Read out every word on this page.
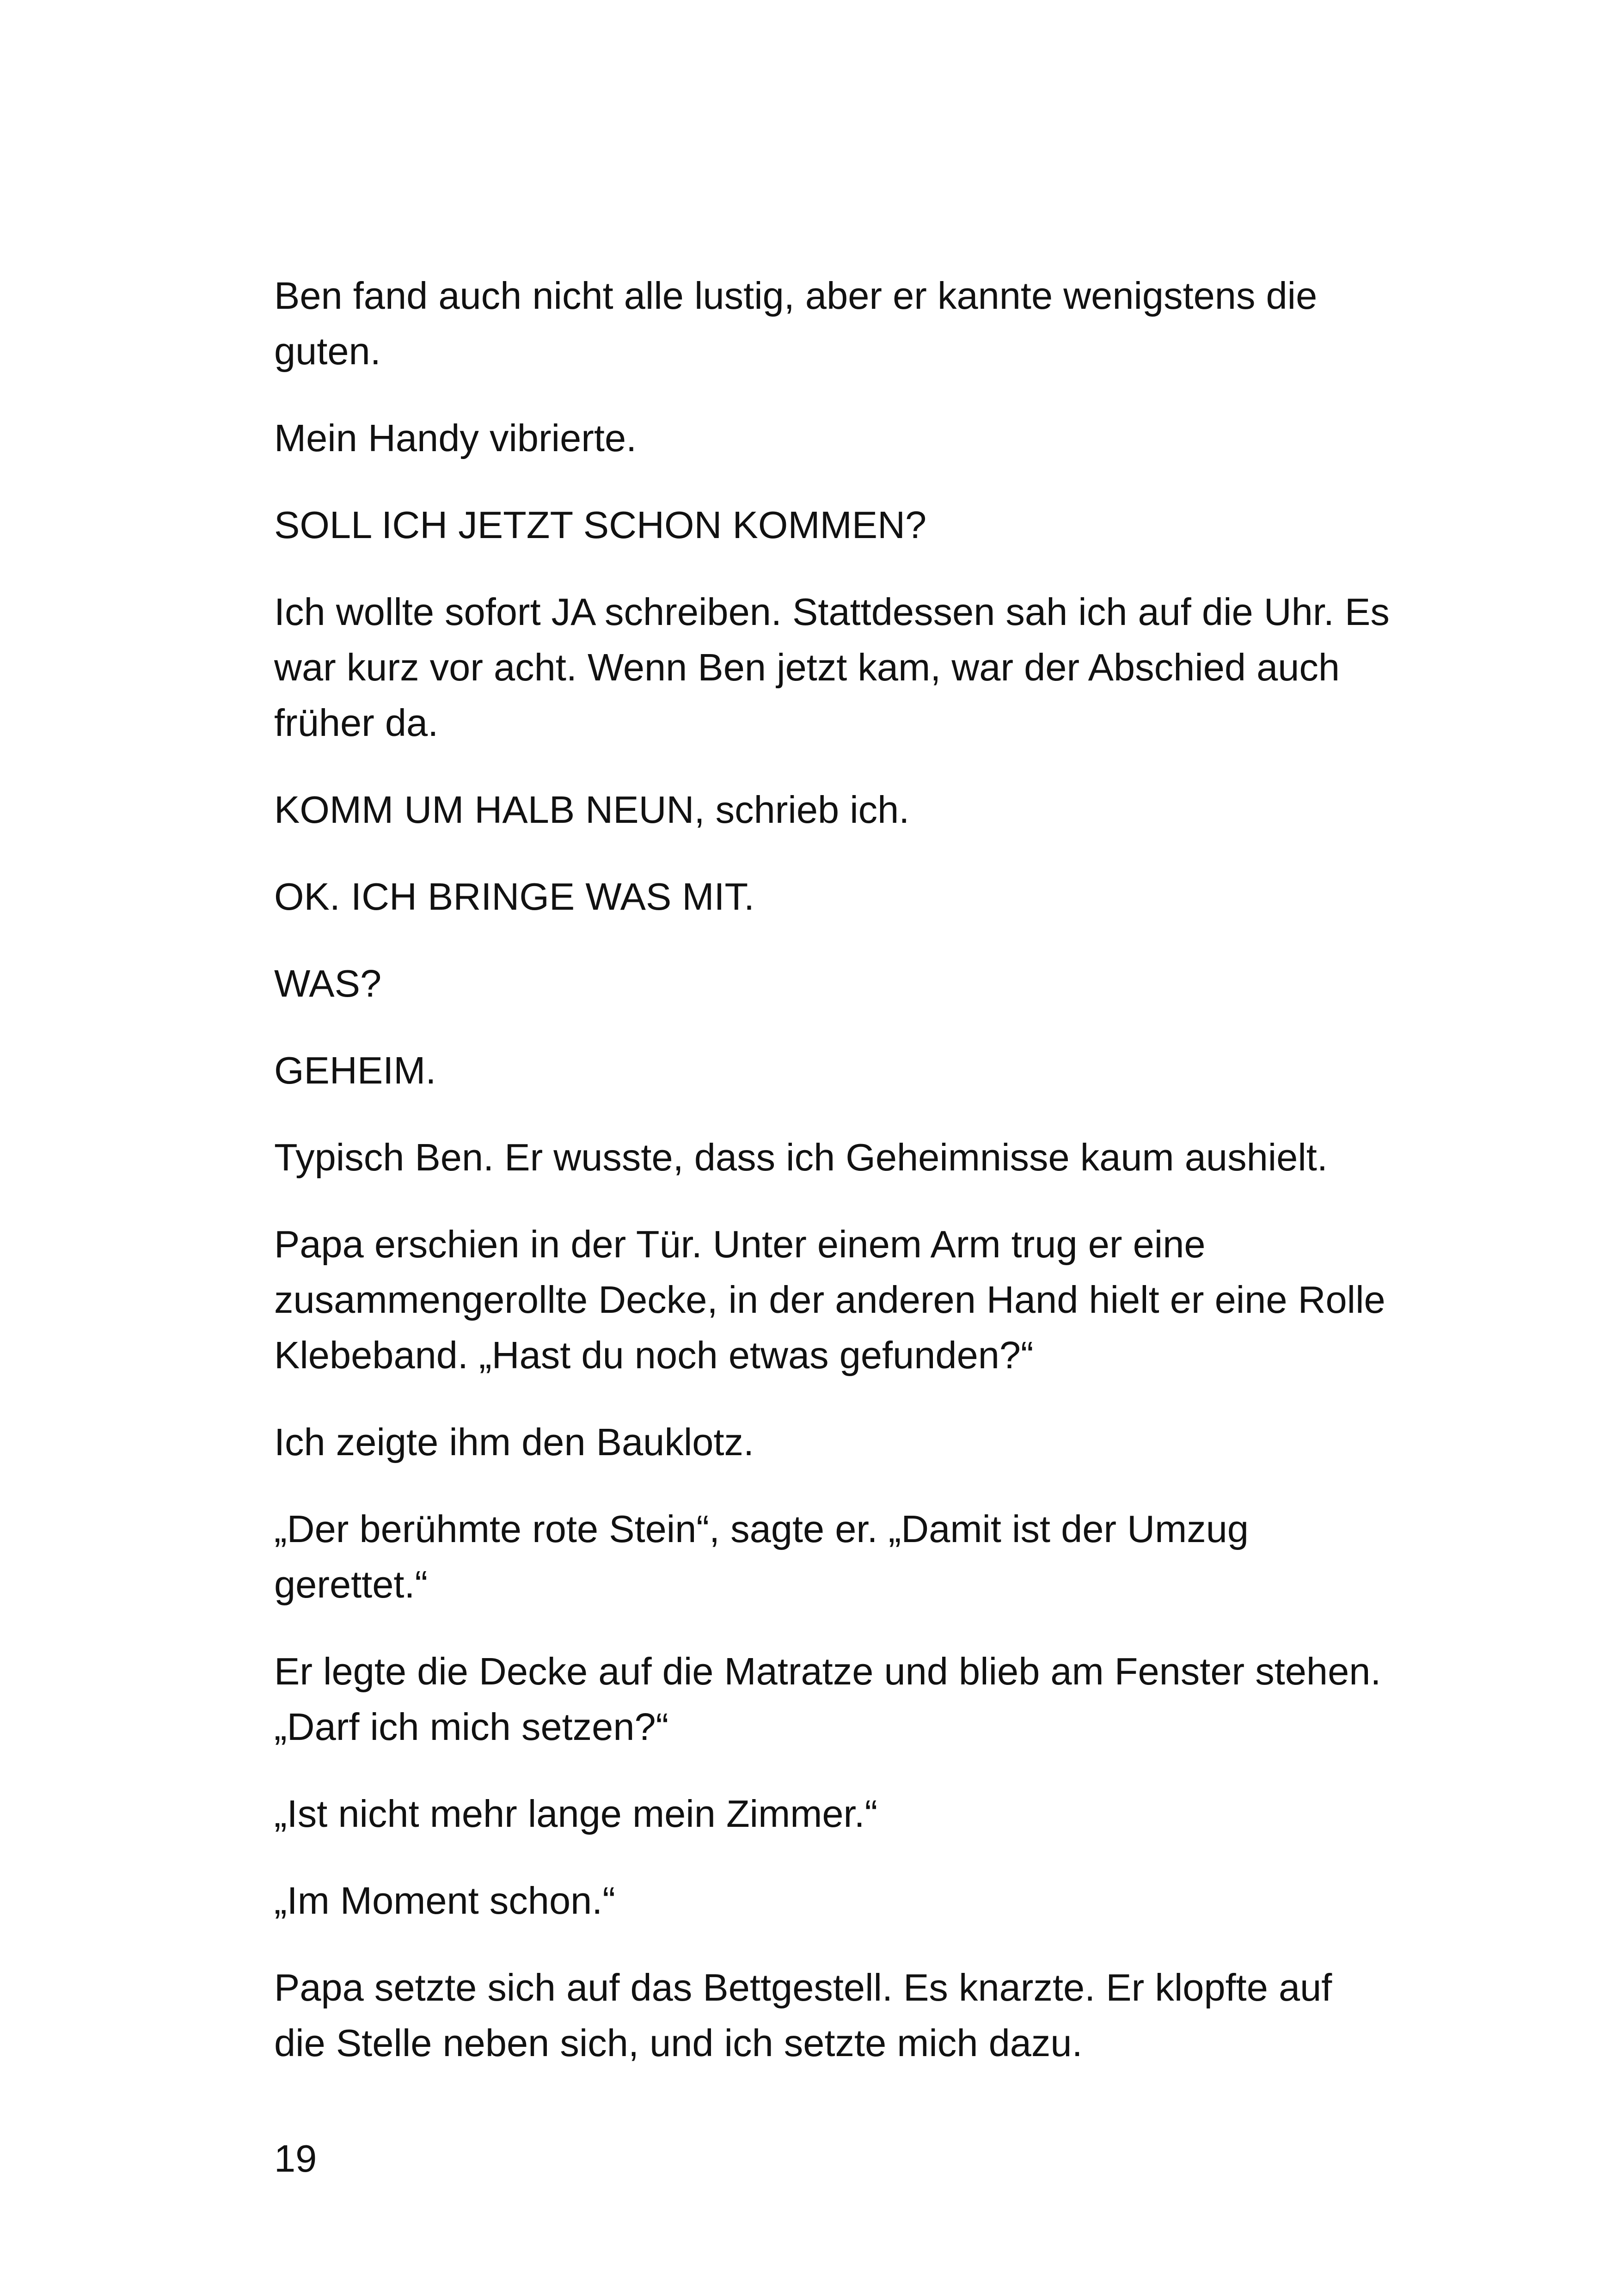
Ben fand auch nicht alle lustig, aber er kannte wenigstens die guten.

Mein Handy vibrierte.

SOLL ICH JETZT SCHON KOMMEN?

Ich wollte sofort JA schreiben. Stattdessen sah ich auf die Uhr. Es war kurz vor acht. Wenn Ben jetzt kam, war der Abschied auch früher da.

KOMM UM HALB NEUN, schrieb ich.

OK. ICH BRINGE WAS MIT.

WAS?

GEHEIM.

Typisch Ben. Er wusste, dass ich Geheimnisse kaum aushielt.

Papa erschien in der Tür. Unter einem Arm trug er eine zusammengerollte Decke, in der anderen Hand hielt er eine Rolle Klebeband. „Hast du noch etwas gefunden?“

Ich zeigte ihm den Bauklotz.

„Der berühmte rote Stein“, sagte er. „Damit ist der Umzug gerettet.“

Er legte die Decke auf die Matratze und blieb am Fenster stehen. „Darf ich mich setzen?“

„Ist nicht mehr lange mein Zimmer.“

„Im Moment schon.“

Papa setzte sich auf das Bettgestell. Es knarzte. Er klopfte auf die Stelle neben sich, und ich setzte mich dazu.

19
